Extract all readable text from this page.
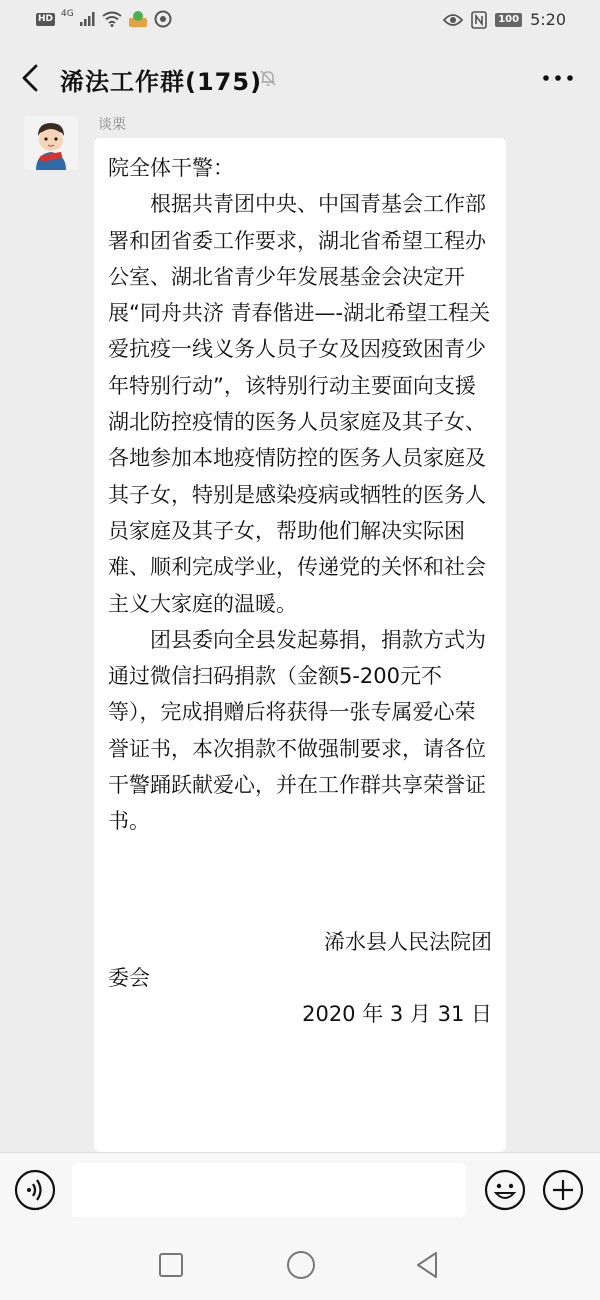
HD 4G	100 5:20
浠法工作群(175)
谈栗

院全体干警：

根据共青团中央、中国青基会工作部署和团省委工作要求，湖北省希望工程办公室、湖北省青少年发展基金会决定开展“同舟共济 青春偕进—-湖北希望工程关爱抗疫一线义务人员子女及因疫致困青少年特别行动”，该特别行动主要面向支援湖北防控疫情的医务人员家庭及其子女、各地参加本地疫情防控的医务人员家庭及其子女，特别是感染疫病或牺牲的医务人员家庭及其子女，帮助他们解决实际困难、顺利完成学业，传递党的关怀和社会主义大家庭的温暖。

团县委向全县发起募捐，捐款方式为通过微信扫码捐款（金额5-200元不等），完成捐赠后将获得一张专属爱心荣誉证书，本次捐款不做强制要求，请各位干警踊跃献爱心，并在工作群共享荣誉证书。

浠水县人民法院团

委会

2020 年 3 月 31 日
